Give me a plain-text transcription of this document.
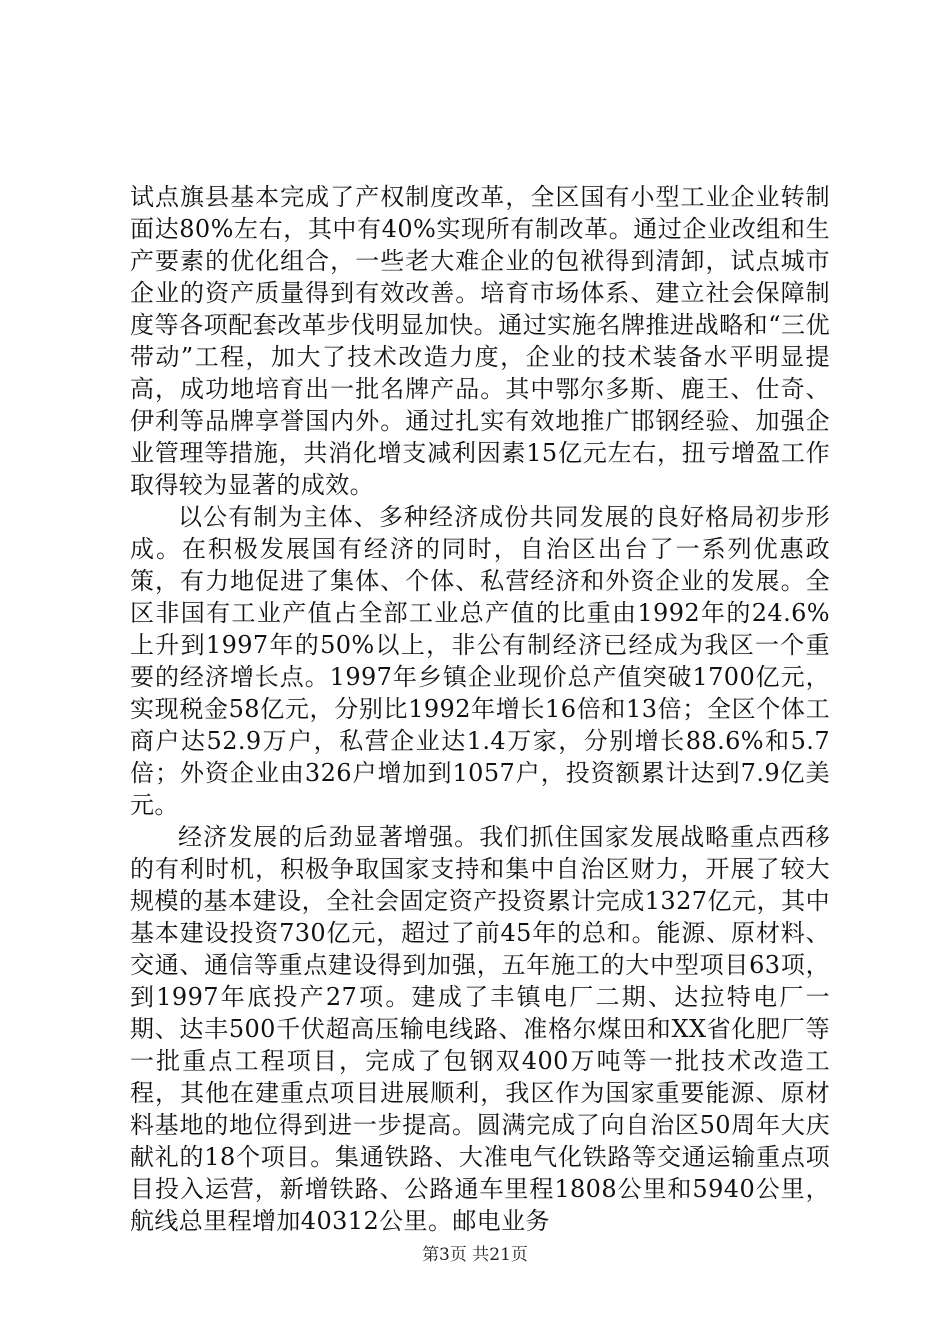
试点旗县基本完成了产权制度改革，全区国有小型工业企业转制面达80%左右，其中有40%实现所有制改革。通过企业改组和生产要素的优化组合，一些老大难企业的包袱得到清卸，试点城市企业的资产质量得到有效改善。培育市场体系、建立社会保障制度等各项配套改革步伐明显加快。通过实施名牌推进战略和“三优带动”工程，加大了技术改造力度，企业的技术装备水平明显提高，成功地培育出一批名牌产品。其中鄂尔多斯、鹿王、仕奇、伊利等品牌享誉国内外。通过扎实有效地推广邯钢经验、加强企业管理等措施，共消化增支减利因素15亿元左右，扭亏增盈工作取得较为显著的成效。

以公有制为主体、多种经济成份共同发展的良好格局初步形成。在积极发展国有经济的同时，自治区出台了一系列优惠政策，有力地促进了集体、个体、私营经济和外资企业的发展。全区非国有工业产值占全部工业总产值的比重由1992年的24.6%上升到1997年的50%以上，非公有制经济已经成为我区一个重要的经济增长点。1997年乡镇企业现价总产值突破1700亿元，实现税金58亿元，分别比1992年增长16倍和13倍；全区个体工商户达52.9万户，私营企业达1.4万家，分别增长88.6%和5.7倍；外资企业由326户增加到1057户，投资额累计达到7.9亿美元。

经济发展的后劲显著增强。我们抓住国家发展战略重点西移的有利时机，积极争取国家支持和集中自治区财力，开展了较大规模的基本建设，全社会固定资产投资累计完成1327亿元，其中基本建设投资730亿元，超过了前45年的总和。能源、原材料、交通、通信等重点建设得到加强，五年施工的大中型项目63项，到1997年底投产27项。建成了丰镇电厂二期、达拉特电厂一期、达丰500千伏超高压输电线路、准格尔煤田和XX省化肥厂等一批重点工程项目，完成了包钢双400万吨等一批技术改造工程，其他在建重点项目进展顺利，我区作为国家重要能源、原材料基地的地位得到进一步提高。圆满完成了向自治区50周年大庆献礼的18个项目。集通铁路、大准电气化铁路等交通运输重点项目投入运营，新增铁路、公路通车里程1808公里和5940公里，航线总里程增加40312公里。邮电业务

第3页 共21页
